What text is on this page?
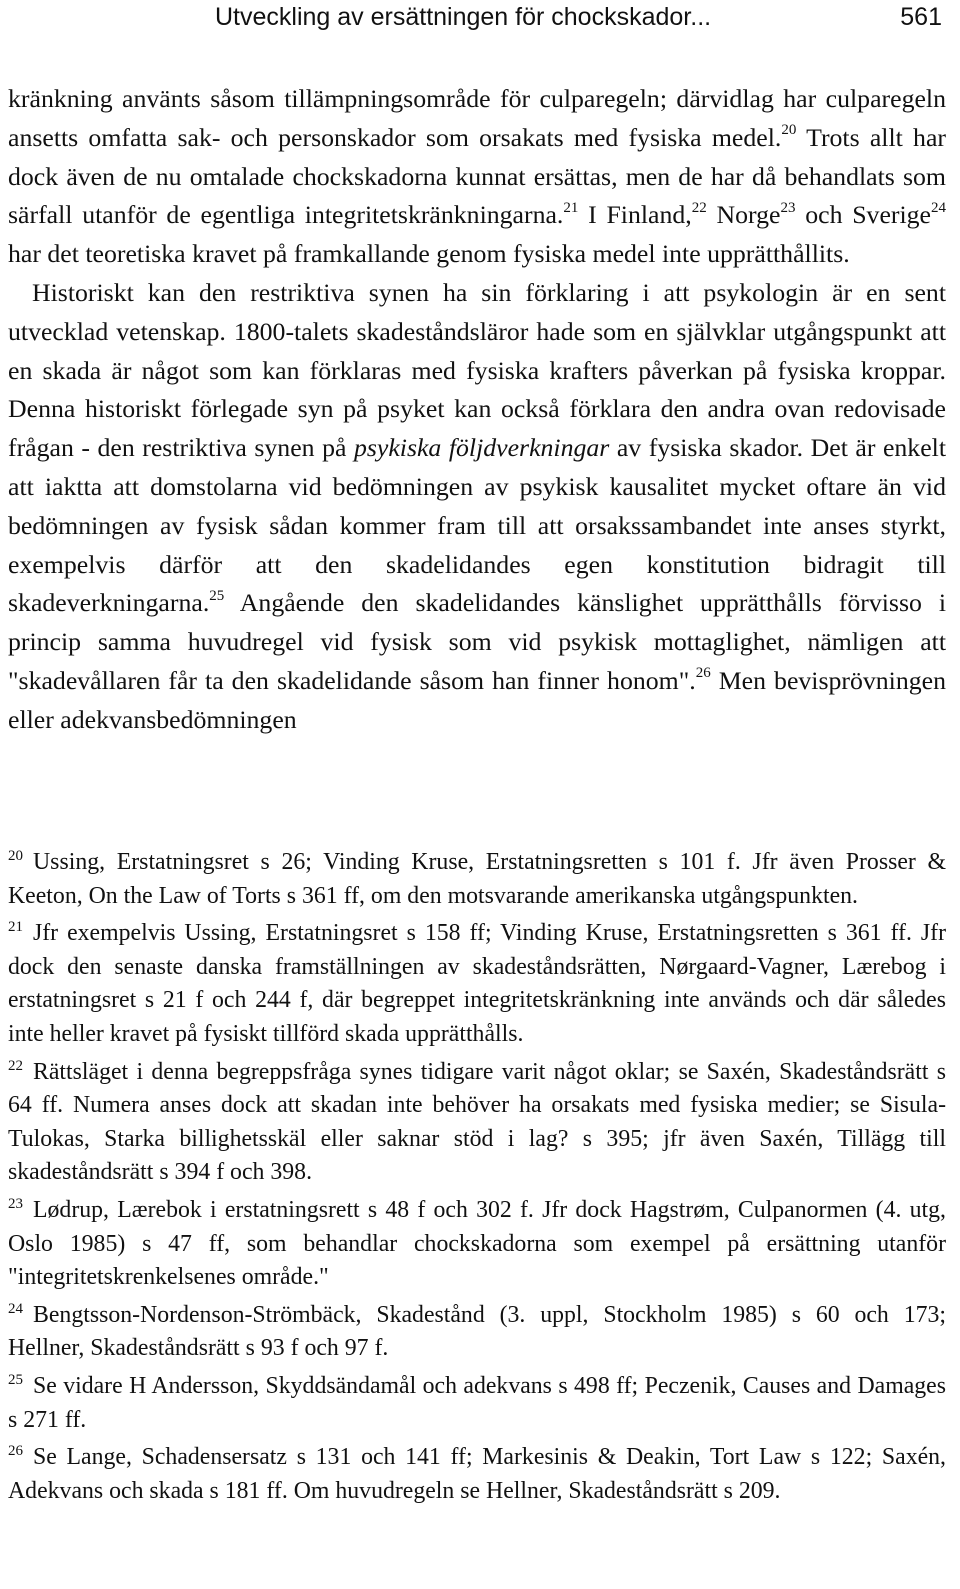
Utveckling av ersättningen för chockskador...	561

kränkning använts såsom tillämpningsområde för culparegeln; därvidlag har culparegeln ansetts omfatta sak- och personskador som orsakats med fysiska medel.$^{20}$ Trots allt har dock även de nu omtalade chockskadorna kunnat ersättas, men de har då behandlats som särfall utanför de egentliga integritetskränkningarna.$^{21}$ I Finland,$^{22}$ Norge$^{23}$ och Sverige$^{24}$ har det teoretiska kravet på framkallande genom fysiska medel inte upprätthållits.

Historiskt kan den restriktiva synen ha sin förklaring i att psykologin är en sent utvecklad vetenskap. 1800-talets skadeståndsläror hade som en självklar utgångspunkt att en skada är något som kan förklaras med fysiska krafters påverkan på fysiska kroppar. Denna historiskt förlegade syn på psyket kan också förklara den andra ovan redovisade frågan - den restriktiva synen på psykiska följdverkningar av fysiska skador. Det är enkelt att iaktta att domstolarna vid bedömningen av psykisk kausalitet mycket oftare än vid bedömningen av fysisk sådan kommer fram till att orsakssambandet inte anses styrkt, exempelvis därför att den skadelidandes egen konstitution bidragit till skadeverkningarna.$^{25}$ Angående den skadelidandes känslighet upprätthålls förvisso i princip samma huvudregel vid fysisk som vid psykisk mottaglighet, nämligen att "skadevållaren får ta den skadelidande såsom han finner honom".$^{26}$ Men bevisprövningen eller adekvansbedömningen

$^{20}$ Ussing, Erstatningsret s 26; Vinding Kruse, Erstatningsretten s 101 f. Jfr även Prosser & Keeton, On the Law of Torts s 361 ff, om den motsvarande amerikanska utgångspunkten.

$^{21}$ Jfr exempelvis Ussing, Erstatningsret s 158 ff; Vinding Kruse, Erstatningsretten s 361 ff. Jfr dock den senaste danska framställningen av skadeståndsrätten, Nørgaard-Vagner, Lærebog i erstatningsret s 21 f och 244 f, där begreppet integritetskränkning inte används och där således inte heller kravet på fysiskt tillförd skada upprätthålls.

$^{22}$ Rättsläget i denna begreppsfråga synes tidigare varit något oklar; se Saxén, Skadeståndsrätt s 64 ff. Numera anses dock att skadan inte behöver ha orsakats med fysiska medier; se Sisula-Tulokas, Starka billighetsskäl eller saknar stöd i lag? s 395; jfr även Saxén, Tillägg till skadeståndsrätt s 394 f och 398.

$^{23}$ Lødrup, Lærebok i erstatningsrett s 48 f och 302 f. Jfr dock Hagstrøm, Culpanormen (4. utg, Oslo 1985) s 47 ff, som behandlar chockskadorna som exempel på ersättning utanför "integritetskrenkelsenes område."

$^{24}$ Bengtsson-Nordenson-Strömbäck, Skadestånd (3. uppl, Stockholm 1985) s 60 och 173; Hellner, Skadeståndsrätt s 93 f och 97 f.

$^{25}$ Se vidare H Andersson, Skyddsändamål och adekvans s 498 ff; Peczenik, Causes and Damages s 271 ff.

$^{26}$ Se Lange, Schadensersatz s 131 och 141 ff; Markesinis & Deakin, Tort Law s 122; Saxén, Adekvans och skada s 181 ff. Om huvudregeln se Hellner, Skadeståndsrätt s 209.
